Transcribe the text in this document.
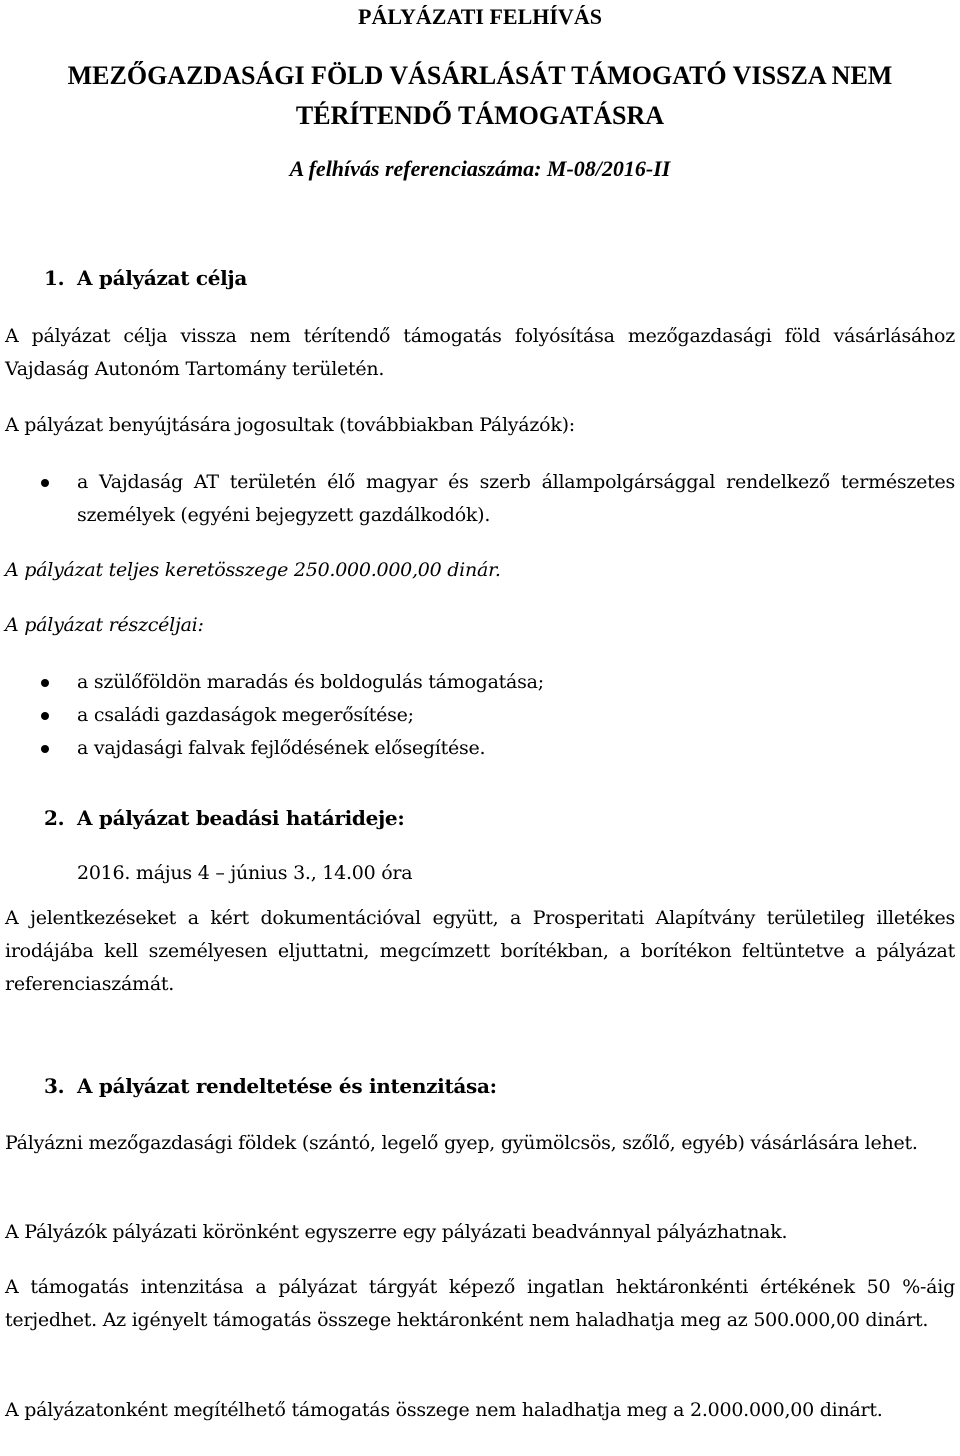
PÁLYÁZATI FELHÍVÁS
MEZŐGAZDASÁGI FÖLD VÁSÁRLÁSÁT TÁMOGATÓ VISSZA NEM
TÉRÍTENDŐ TÁMOGATÁSRA
A felhívás referenciaszáma: M-08/2016-II
1. A pályázat célja
A pályázat célja vissza nem térítendő támogatás folyósítása mezőgazdasági föld vásárlásához Vajdaság Autonóm Tartomány területén.
A pályázat benyújtására jogosultak (továbbiakban Pályázók):
a Vajdaság AT területén élő magyar és szerb állampolgársággal rendelkező természetes személyek (egyéni bejegyzett gazdálkodók).
A pályázat teljes keretösszege 250.000.000,00 dinár.
A pályázat részcéljai:
a szülőföldön maradás és boldogulás támogatása;
a családi gazdaságok megerősítése;
a vajdasági falvak fejlődésének elősegítése.
2. A pályázat beadási határideje:
2016. május 4 – június 3., 14.00 óra
A jelentkezéseket a kért dokumentációval együtt, a Prosperitati Alapítvány területileg illetékes irodájába kell személyesen eljuttatni, megcímzett borítékban, a borítékon feltüntetve a pályázat referenciaszámát.
3. A pályázat rendeltetése és intenzitása:
Pályázni mezőgazdasági földek (szántó, legelő gyep, gyümölcsös, szőlő, egyéb) vásárlására lehet.
A Pályázók pályázati körönként egyszerre egy pályázati beadvánnyal pályázhatnak.
A támogatás intenzitása a pályázat tárgyát képező ingatlan hektáronkénti értékének 50 %-áig terjedhet. Az igényelt támogatás összege hektáronként nem haladhatja meg az 500.000,00 dinárt.
A pályázatonként megítélhető támogatás összege nem haladhatja meg a 2.000.000,00 dinárt.
